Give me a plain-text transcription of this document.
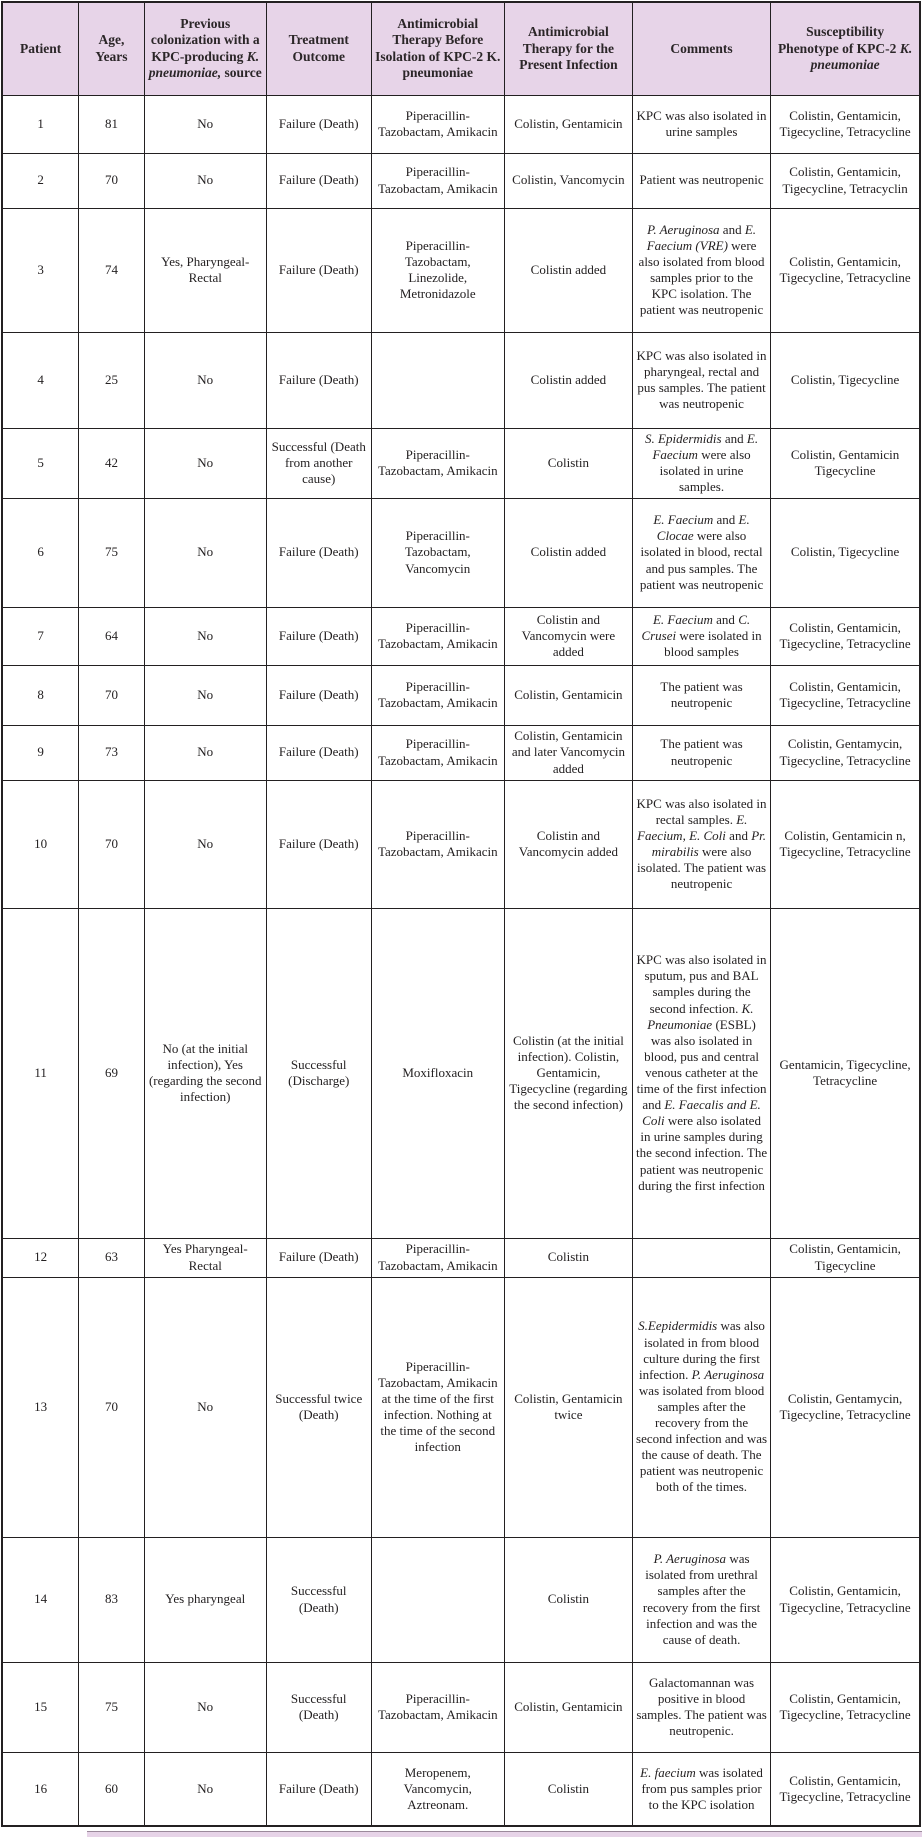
Patient	Age, Years	Previous colonization with a KPC-producing K. pneumoniae, source	Treatment Outcome	Antimicrobial Therapy Before Isolation of KPC-2 K. pneumoniae	Antimicrobial Therapy for the Present Infection	Comments	Susceptibility Phenotype of KPC-2 K. pneumoniae
1	81	No	Failure (Death)	Piperacillin-Tazobactam, Amikacin	Colistin, Gentamicin	KPC was also isolated in urine samples	Colistin, Gentamicin, Tigecycline, Tetracycline
2	70	No	Failure (Death)	Piperacillin-Tazobactam, Amikacin	Colistin, Vancomycin	Patient was neutropenic	Colistin, Gentamicin, Tigecycline, Tetracyclin
3	74	Yes, Pharyngeal-Rectal	Failure (Death)	Piperacillin-Tazobactam, Linezolide, Metronidazole	Colistin added	P. Aeruginosa and E. Faecium (VRE) were also isolated from blood samples prior to the KPC isolation. The patient was neutropenic	Colistin, Gentamicin, Tigecycline, Tetracycline
4	25	No	Failure (Death)		Colistin added	KPC was also isolated in pharyngeal, rectal and pus samples. The patient was neutropenic	Colistin, Tigecycline
5	42	No	Successful (Death from another cause)	Piperacillin-Tazobactam, Amikacin	Colistin	S. Epidermidis and E. Faecium were also isolated in urine samples.	Colistin, Gentamicin Tigecycline
6	75	No	Failure (Death)	Piperacillin-Tazobactam, Vancomycin	Colistin added	E. Faecium and E. Clocae were also isolated in blood, rectal and pus samples. The patient was neutropenic	Colistin, Tigecycline
7	64	No	Failure (Death)	Piperacillin-Tazobactam, Amikacin	Colistin and Vancomycin were added	E. Faecium and C. Crusei were isolated in blood samples	Colistin, Gentamicin, Tigecycline, Tetracycline
8	70	No	Failure (Death)	Piperacillin-Tazobactam, Amikacin	Colistin, Gentamicin	The patient was neutropenic	Colistin, Gentamicin, Tigecycline, Tetracycline
9	73	No	Failure (Death)	Piperacillin-Tazobactam, Amikacin	Colistin, Gentamicin and later Vancomycin added	The patient was neutropenic	Colistin, Gentamycin, Tigecycline, Tetracycline
10	70	No	Failure (Death)	Piperacillin-Tazobactam, Amikacin	Colistin and Vancomycin added	KPC was also isolated in rectal samples. E. Faecium, E. Coli and Pr. mirabilis were also isolated. The patient was neutropenic	Colistin, Gentamicin n, Tigecycline, Tetracycline
11	69	No (at the initial infection), Yes (regarding the second infection)	Successful (Discharge)	Moxifloxacin	Colistin (at the initial infection). Colistin, Gentamicin, Tigecycline (regarding the second infection)	KPC was also isolated in sputum, pus and BAL samples during the second infection. K. Pneumoniae (ESBL) was also isolated in blood, pus and central venous catheter at the time of the first infection and E. Faecalis and E. Coli were also isolated in urine samples during the second infection. The patient was neutropenic during the first infection	Gentamicin, Tigecycline, Tetracycline
12	63	Yes Pharyngeal-Rectal	Failure (Death)	Piperacillin-Tazobactam, Amikacin	Colistin		Colistin, Gentamicin, Tigecycline
13	70	No	Successful twice (Death)	Piperacillin-Tazobactam, Amikacin at the time of the first infection. Nothing at the time of the second infection	Colistin, Gentamicin twice	S.Eepidermidis was also isolated in from blood culture during the first infection. P. Aeruginosa was isolated from blood samples after the recovery from the second infection and was the cause of death. The patient was neutropenic both of the times.	Colistin, Gentamycin, Tigecycline, Tetracycline
14	83	Yes pharyngeal	Successful (Death)		Colistin	P. Aeruginosa was isolated from urethral samples after the recovery from the first infection and was the cause of death.	Colistin, Gentamicin, Tigecycline, Tetracycline
15	75	No	Successful (Death)	Piperacillin-Tazobactam, Amikacin	Colistin, Gentamicin	Galactomannan was positive in blood samples. The patient was neutropenic.	Colistin, Gentamicin, Tigecycline, Tetracycline
16	60	No	Failure (Death)	Meropenem, Vancomycin, Aztreonam.	Colistin	E. faecium was isolated from pus samples prior to the KPC isolation	Colistin, Gentamicin, Tigecycline, Tetracycline
